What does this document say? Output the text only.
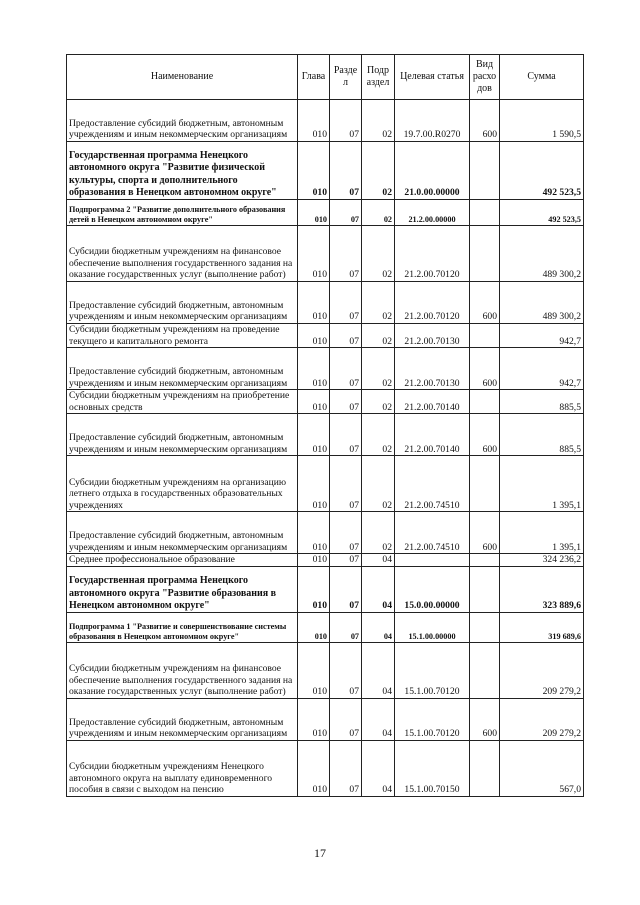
Наименование	Глава	Разде л	Подр аздел	Целевая статья	Вид расхо дов	Сумма
Предоставление субсидий бюджетным, автономным учреждениям и иным некоммерческим организациям	010	07	02	19.7.00.R0270	600	1 590,5
Государственная программа Ненецкого автономного округа "Развитие физической культуры, спорта и дополнительного образования в Ненецком автономном округе"	010	07	02	21.0.00.00000		492 523,5
Подпрограмма 2 "Развитие дополнительного образования детей в Ненецком автономном округе"	010	07	02	21.2.00.00000		492 523,5
Субсидии бюджетным учреждениям на финансовое обеспечение выполнения государственного задания на оказание государственных услуг (выполнение работ)	010	07	02	21.2.00.70120		489 300,2
Предоставление субсидий бюджетным, автономным учреждениям и иным некоммерческим организациям	010	07	02	21.2.00.70120	600	489 300,2
Субсидии бюджетным учреждениям на проведение текущего и капитального ремонта	010	07	02	21.2.00.70130		942,7
Предоставление субсидий бюджетным, автономным учреждениям и иным некоммерческим организациям	010	07	02	21.2.00.70130	600	942,7
Субсидии бюджетным учреждениям на приобретение основных средств	010	07	02	21.2.00.70140		885,5
Предоставление субсидий бюджетным, автономным учреждениям и иным некоммерческим организациям	010	07	02	21.2.00.70140	600	885,5
Субсидии бюджетным учреждениям на организацию летнего отдыха в государственных образовательных учреждениях	010	07	02	21.2.00.74510		1 395,1
Предоставление субсидий бюджетным, автономным учреждениям и иным некоммерческим организациям	010	07	02	21.2.00.74510	600	1 395,1
Среднее профессиональное образование	010	07	04			324 236,2
Государственная программа Ненецкого автономного округа "Развитие образования в Ненецком автономном округе"	010	07	04	15.0.00.00000		323 889,6
Подпрограмма 1 "Развитие и совершенствование системы образования в Ненецком автономном округе"	010	07	04	15.1.00.00000		319 689,6
Субсидии бюджетным учреждениям на финансовое обеспечение выполнения государственного задания на оказание государственных услуг (выполнение работ)	010	07	04	15.1.00.70120		209 279,2
Предоставление субсидий бюджетным, автономным учреждениям и иным некоммерческим организациям	010	07	04	15.1.00.70120	600	209 279,2
Субсидии бюджетным учреждениям Ненецкого автономного округа на выплату единовременного пособия в связи с выходом на пенсию	010	07	04	15.1.00.70150		567,0
17
